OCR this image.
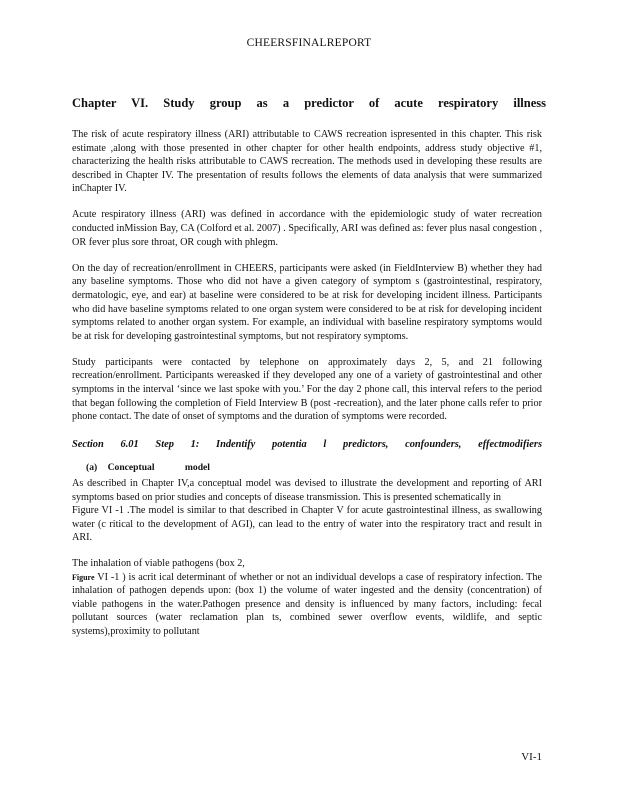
CHEERSFINALREPORT
Chapter VI. Study group as a predictor of acute respiratory illness

The risk of acute respiratory illness (ARI) attributable to CAWS recreation ispresented in this chapter. This risk estimate ,along with those presented in other chapter for other health endpoints, address study objective #1, characterizing the health risks attributable to CAWS recreation. The methods used in developing these results are described in Chapter IV. The presentation of results follows the elements of data analysis that were summarized inChapter IV.

Acute respiratory illness (ARI) was defined in accordance with the epidemiologic study of water recreation conducted inMission Bay, CA (Colford et al. 2007) . Specifically, ARI was defined as: fever plus nasal congestion , OR fever plus sore throat, OR cough with phlegm.

On the day of recreation/enrollment in CHEERS, participants were asked (in FieldInterview B) whether they had any baseline symptoms. Those who did not have a given category of symptom s (gastrointestinal, respiratory, dermatologic, eye, and ear) at baseline were considered to be at risk for developing incident illness. Participants who did have baseline symptoms related to one organ system were considered to be at risk for developing incident symptoms related to another organ system. For example, an individual with baseline respiratory symptoms would be at risk for developing gastrointestinal symptoms, but not respiratory symptoms.

Study participants were contacted by telephone on approximately days 2, 5, and 21 following recreation/enrollment. Participants wereasked if they developed any one of a variety of gastrointestinal and other symptoms in the interval ‘since we last spoke with you.’ For the day 2 phone call, this interval refers to the period that began following the completion of Field Interview B (post -recreation), and the later phone calls refer to prior phone contact. The date of onset of symptoms and the duration of symptoms were recorded.

Section 6.01 Step 1: Indentify potentia l predictors, confounders, effectmodifiers
(a) Conceptual	model

As described in Chapter IV,a conceptual model was devised to illustrate the development and reporting of ARI symptoms based on prior studies and concepts of disease transmission. This is presented schematically in
Figure VI -1 .The model is similar to that described in Chapter V for acute gastrointestinal illness, as swallowing water (c ritical to the development of AGI), can lead to the entry of water into the respiratory tract and result in ARI.

The inhalation of viable pathogens (box 2,
Figure VI -1 ) is acrit ical determinant of whether or not an individual develops a case of respiratory infection. The inhalation of pathogen depends upon: (box 1) the volume of water ingested and the density (concentration) of viable pathogens in the water.Pathogen presence and density is influenced by many factors, including: fecal pollutant sources (water reclamation plan ts, combined sewer overflow events, wildlife, and septic systems),proximity to pollutant

VI-1
